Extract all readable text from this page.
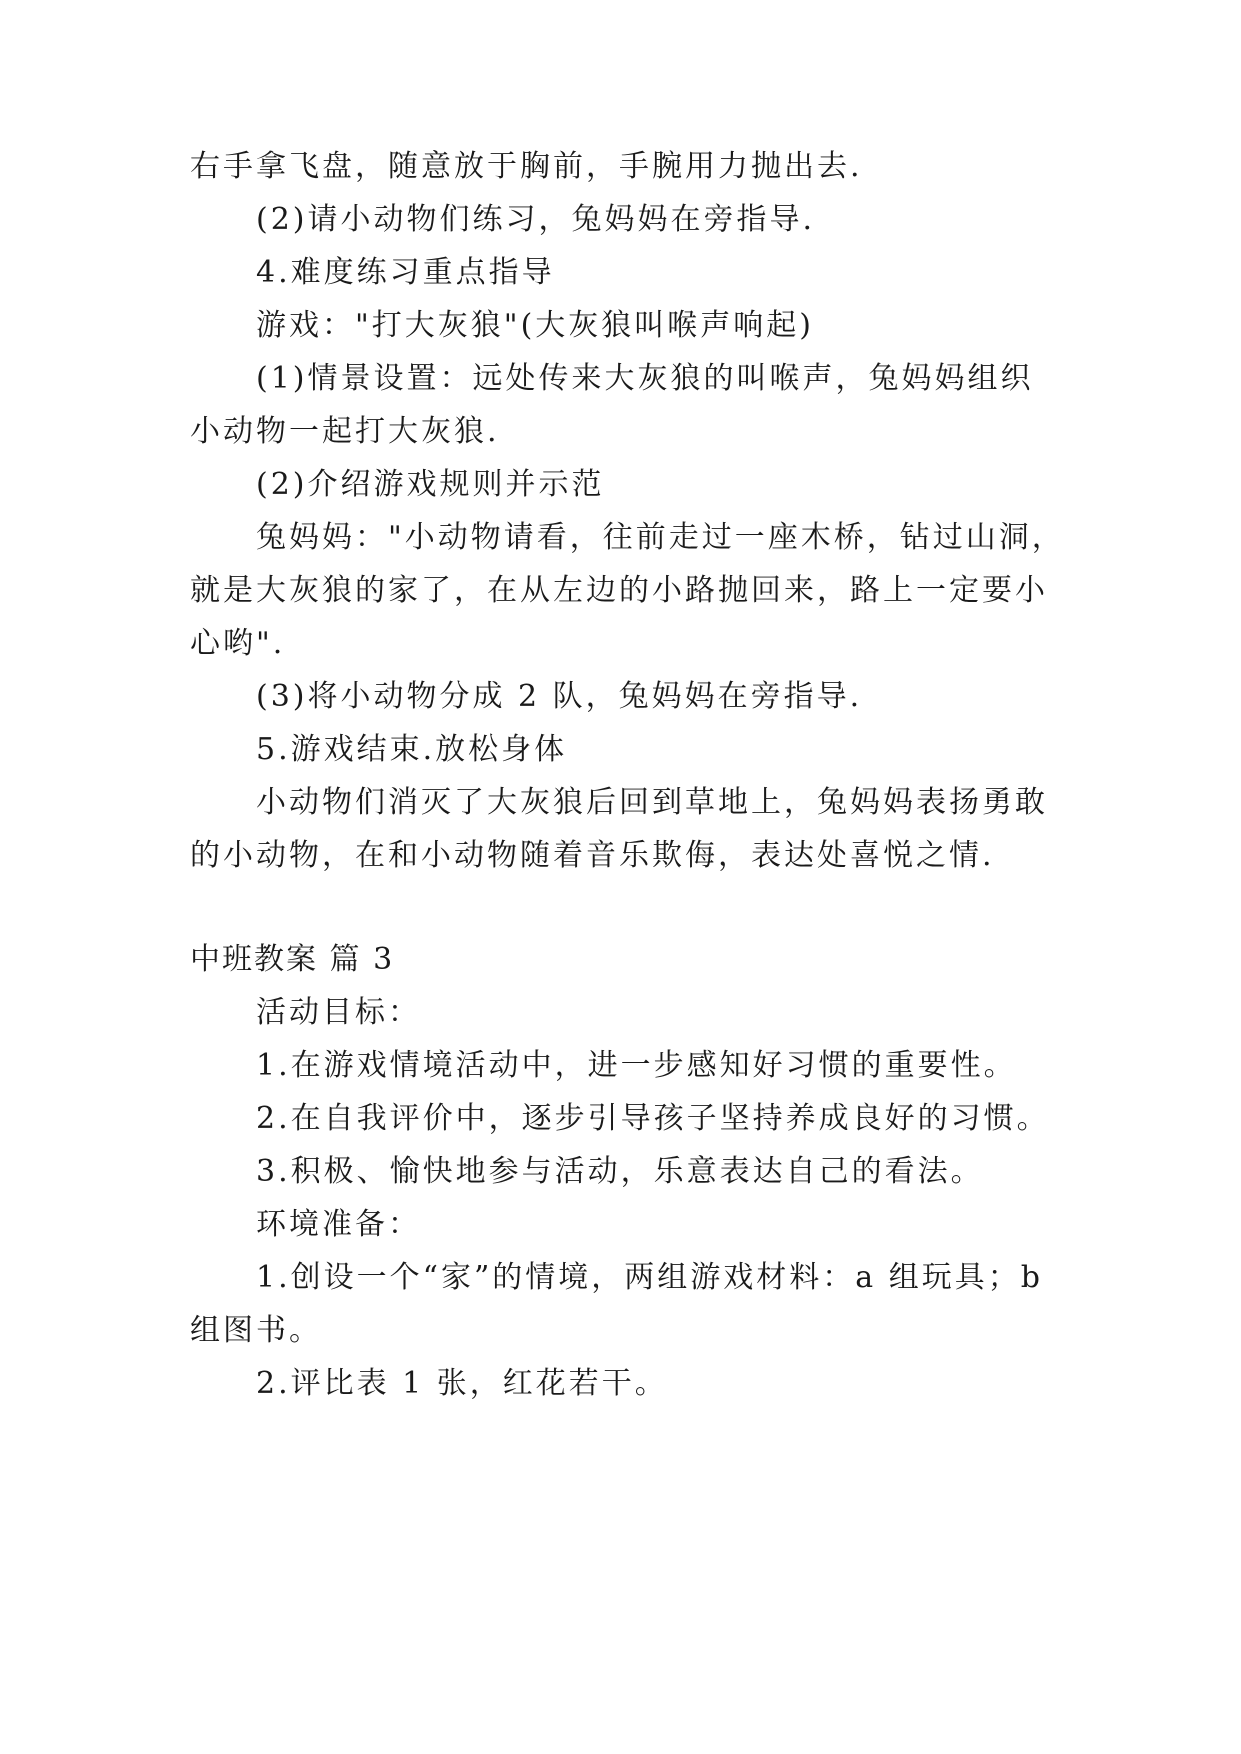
右手拿飞盘，随意放于胸前，手腕用力抛出去.
(2)请小动物们练习，兔妈妈在旁指导.
4.难度练习重点指导
游戏："打大灰狼"(大灰狼叫喉声响起)
(1)情景设置：远处传来大灰狼的叫喉声，兔妈妈组织
小动物一起打大灰狼.
(2)介绍游戏规则并示范
兔妈妈："小动物请看，往前走过一座木桥，钻过山洞，
就是大灰狼的家了，在从左边的小路抛回来，路上一定要小
心哟".
(3)将小动物分成 2 队，兔妈妈在旁指导.
5.游戏结束.放松身体
小动物们消灭了大灰狼后回到草地上，兔妈妈表扬勇敢
的小动物，在和小动物随着音乐欺侮，表达处喜悦之情.
中班教案 篇 3
活动目标：
1.在游戏情境活动中，进一步感知好习惯的重要性。
2.在自我评价中，逐步引导孩子坚持养成良好的习惯。
3.积极、愉快地参与活动，乐意表达自己的看法。
环境准备：
1.创设一个“家”的情境，两组游戏材料：a 组玩具；b
组图书。
2.评比表 1 张，红花若干。
